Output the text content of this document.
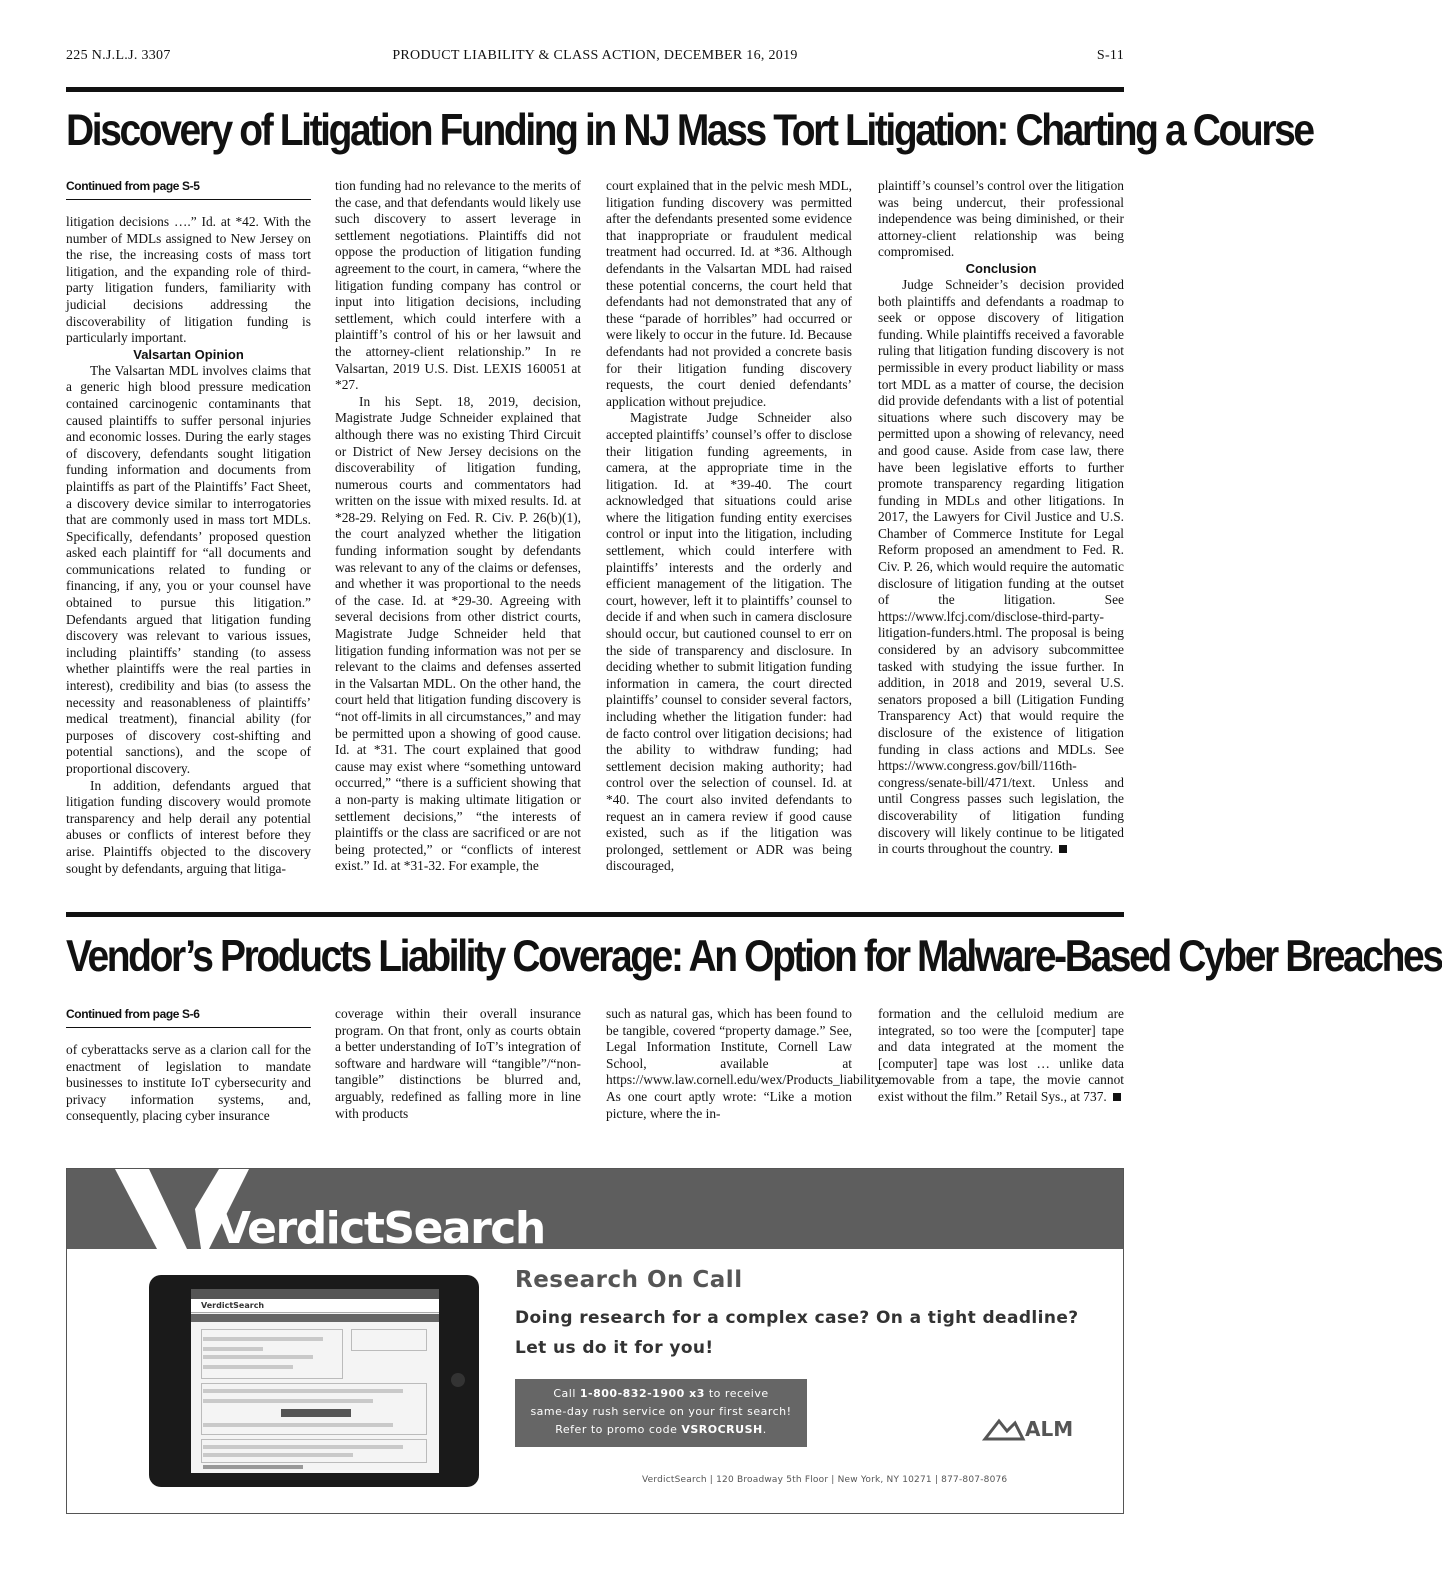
225 N.J.L.J. 3307	PRODUCT LIABILITY & CLASS ACTION, DECEMBER 16, 2019	S-11
Discovery of Litigation Funding in NJ Mass Tort Litigation: Charting a Course
Continued from page S-5

litigation decisions ….” Id. at *42. With the number of MDLs assigned to New Jersey on the rise, the increasing costs of mass tort litigation, and the expanding role of third-party litigation funders, familiarity with judicial decisions addressing the discoverability of litigation funding is particularly important.

Valsartan Opinion

The Valsartan MDL involves claims that a generic high blood pressure medication contained carcinogenic contaminants that caused plaintiffs to suffer personal injuries and economic losses. During the early stages of discovery, defendants sought litigation funding information and documents from plaintiffs as part of the Plaintiffs’ Fact Sheet, a discovery device similar to interrogatories that are commonly used in mass tort MDLs. Specifically, defendants’ proposed question asked each plaintiff for “all documents and communications related to funding or financing, if any, you or your counsel have obtained to pursue this litigation.” Defendants argued that litigation funding discovery was relevant to various issues, including plaintiffs’ standing (to assess whether plaintiffs were the real parties in interest), credibility and bias (to assess the necessity and reasonableness of plaintiffs’ medical treatment), financial ability (for purposes of discovery cost-shifting and potential sanctions), and the scope of proportional discovery.

In addition, defendants argued that litigation funding discovery would promote transparency and help derail any potential abuses or conflicts of interest before they arise. Plaintiffs objected to the discovery sought by defendants, arguing that litiga-

tion funding had no relevance to the merits of the case, and that defendants would likely use such discovery to assert leverage in settlement negotiations. Plaintiffs did not oppose the production of litigation funding agreement to the court, in camera, “where the litigation funding company has control or input into litigation decisions, including settlement, which could interfere with a plaintiff’s control of his or her lawsuit and the attorney-client relationship.” In re Valsartan, 2019 U.S. Dist. LEXIS 160051 at *27.

In his Sept. 18, 2019, decision, Magistrate Judge Schneider explained that although there was no existing Third Circuit or District of New Jersey decisions on the discoverability of litigation funding, numerous courts and commentators had written on the issue with mixed results. Id. at *28-29. Relying on Fed. R. Civ. P. 26(b)(1), the court analyzed whether the litigation funding information sought by defendants was relevant to any of the claims or defenses, and whether it was proportional to the needs of the case. Id. at *29-30. Agreeing with several decisions from other district courts, Magistrate Judge Schneider held that litigation funding information was not per se relevant to the claims and defenses asserted in the Valsartan MDL. On the other hand, the court held that litigation funding discovery is “not off-limits in all circumstances,” and may be permitted upon a showing of good cause. Id. at *31. The court explained that good cause may exist where “something untoward occurred,” “there is a sufficient showing that a non-party is making ultimate litigation or settlement decisions,” “the interests of plaintiffs or the class are sacrificed or are not being protected,” or “conflicts of interest exist.” Id. at *31-32. For example, the

court explained that in the pelvic mesh MDL, litigation funding discovery was permitted after the defendants presented some evidence that inappropriate or fraudulent medical treatment had occurred. Id. at *36. Although defendants in the Valsartan MDL had raised these potential concerns, the court held that defendants had not demonstrated that any of these “parade of horribles” had occurred or were likely to occur in the future. Id. Because defendants had not provided a concrete basis for their litigation funding discovery requests, the court denied defendants’ application without prejudice.

Magistrate Judge Schneider also accepted plaintiffs’ counsel’s offer to disclose their litigation funding agreements, in camera, at the appropriate time in the litigation. Id. at *39-40. The court acknowledged that situations could arise where the litigation funding entity exercises control or input into the litigation, including settlement, which could interfere with plaintiffs’ interests and the orderly and efficient management of the litigation. The court, however, left it to plaintiffs’ counsel to decide if and when such in camera disclosure should occur, but cautioned counsel to err on the side of transparency and disclosure. In deciding whether to submit litigation funding information in camera, the court directed plaintiffs’ counsel to consider several factors, including whether the litigation funder: had de facto control over litigation decisions; had the ability to withdraw funding; had settlement decision making authority; had control over the selection of counsel. Id. at *40. The court also invited defendants to request an in camera review if good cause existed, such as if the litigation was prolonged, settlement or ADR was being discouraged,

plaintiff’s counsel’s control over the litigation was being undercut, their professional independence was being diminished, or their attorney-client relationship was being compromised.

Conclusion

Judge Schneider’s decision provided both plaintiffs and defendants a roadmap to seek or oppose discovery of litigation funding. While plaintiffs received a favorable ruling that litigation funding discovery is not permissible in every product liability or mass tort MDL as a matter of course, the decision did provide defendants with a list of potential situations where such discovery may be permitted upon a showing of relevancy, need and good cause. Aside from case law, there have been legislative efforts to further promote transparency regarding litigation funding in MDLs and other litigations. In 2017, the Lawyers for Civil Justice and U.S. Chamber of Commerce Institute for Legal Reform proposed an amendment to Fed. R. Civ. P. 26, which would require the automatic disclosure of litigation funding at the outset of the litigation. See https://www.lfcj.com/disclose-third-party-litigation-funders.html. The proposal is being considered by an advisory subcommittee tasked with studying the issue further. In addition, in 2018 and 2019, several U.S. senators proposed a bill (Litigation Funding Transparency Act) that would require the disclosure of the existence of litigation funding in class actions and MDLs. See https://www.congress.gov/bill/116th-congress/senate-bill/471/text. Unless and until Congress passes such legislation, the discoverability of litigation funding discovery will likely continue to be litigated in courts throughout the country.

Vendor’s Products Liability Coverage: An Option for Malware-Based Cyber Breaches
Continued from page S-6

of cyberattacks serve as a clarion call for the enactment of legislation to mandate businesses to institute IoT cybersecurity and privacy information systems, and, consequently, placing cyber insurance

coverage within their overall insurance program. On that front, only as courts obtain a better understanding of IoT’s integration of software and hardware will “tangible”/“non-tangible” distinctions be blurred and, arguably, redefined as falling more in line with products

such as natural gas, which has been found to be tangible, covered “property damage.” See, Legal Information Institute, Cornell Law School, available at https://www.law.cornell.edu/wex/Products_liability. As one court aptly wrote: “Like a motion picture, where the in-

formation and the celluloid medium are integrated, so too were the [computer] tape and data integrated at the moment the [computer] tape was lost … unlike data removable from a tape, the movie cannot exist without the film.” Retail Sys., at 737.

VerdictSearch
VerdictSearch
Research On Call
Doing research for a complex case? On a tight deadline?
Let us do it for you!
Call 1-800-832-1900 x3 to receive
same-day rush service on your first search!
Refer to promo code VSROCRUSH.
VerdictSearch | 120 Broadway 5th Floor | New York, NY 10271 | 877-807-8076
ALM
